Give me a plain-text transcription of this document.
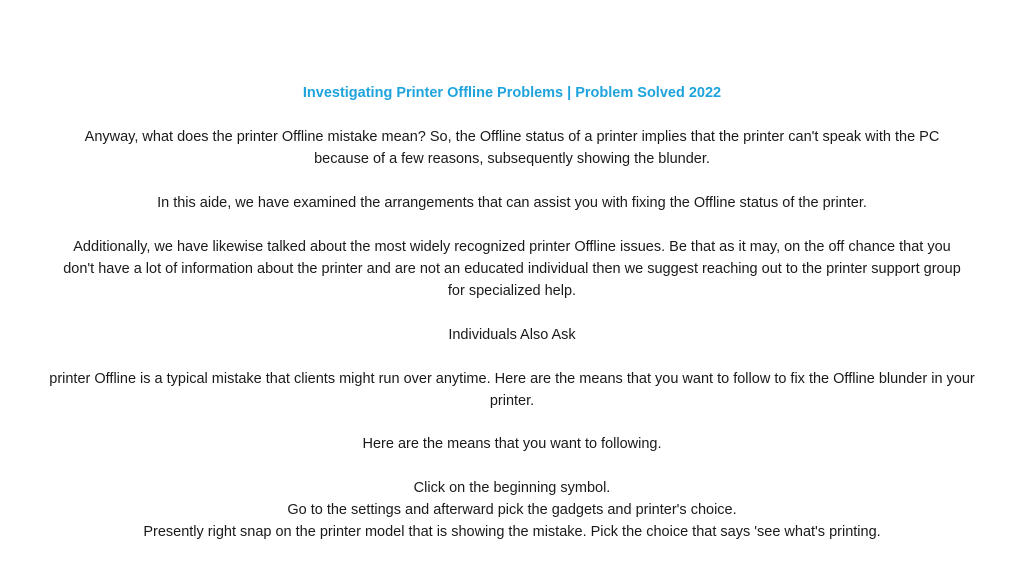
Investigating Printer Offline Problems | Problem Solved 2022

Anyway, what does the printer Offline mistake mean? So, the Offline status of a printer implies that the printer can't speak with the PC because of a few reasons, subsequently showing the blunder.

In this aide, we have examined the arrangements that can assist you with fixing the Offline status of the printer.

Additionally, we have likewise talked about the most widely recognized printer Offline issues. Be that as it may, on the off chance that you don't have a lot of information about the printer and are not an educated individual then we suggest reaching out to the printer support group for specialized help.

Individuals Also Ask

printer Offline is a typical mistake that clients might run over anytime. Here are the means that you want to follow to fix the Offline blunder in your printer.

Here are the means that you want to following.

Click on the beginning symbol.
Go to the settings and afterward pick the gadgets and printer's choice.
Presently right snap on the printer model that is showing the mistake. Pick the choice that says 'see what's printing.
